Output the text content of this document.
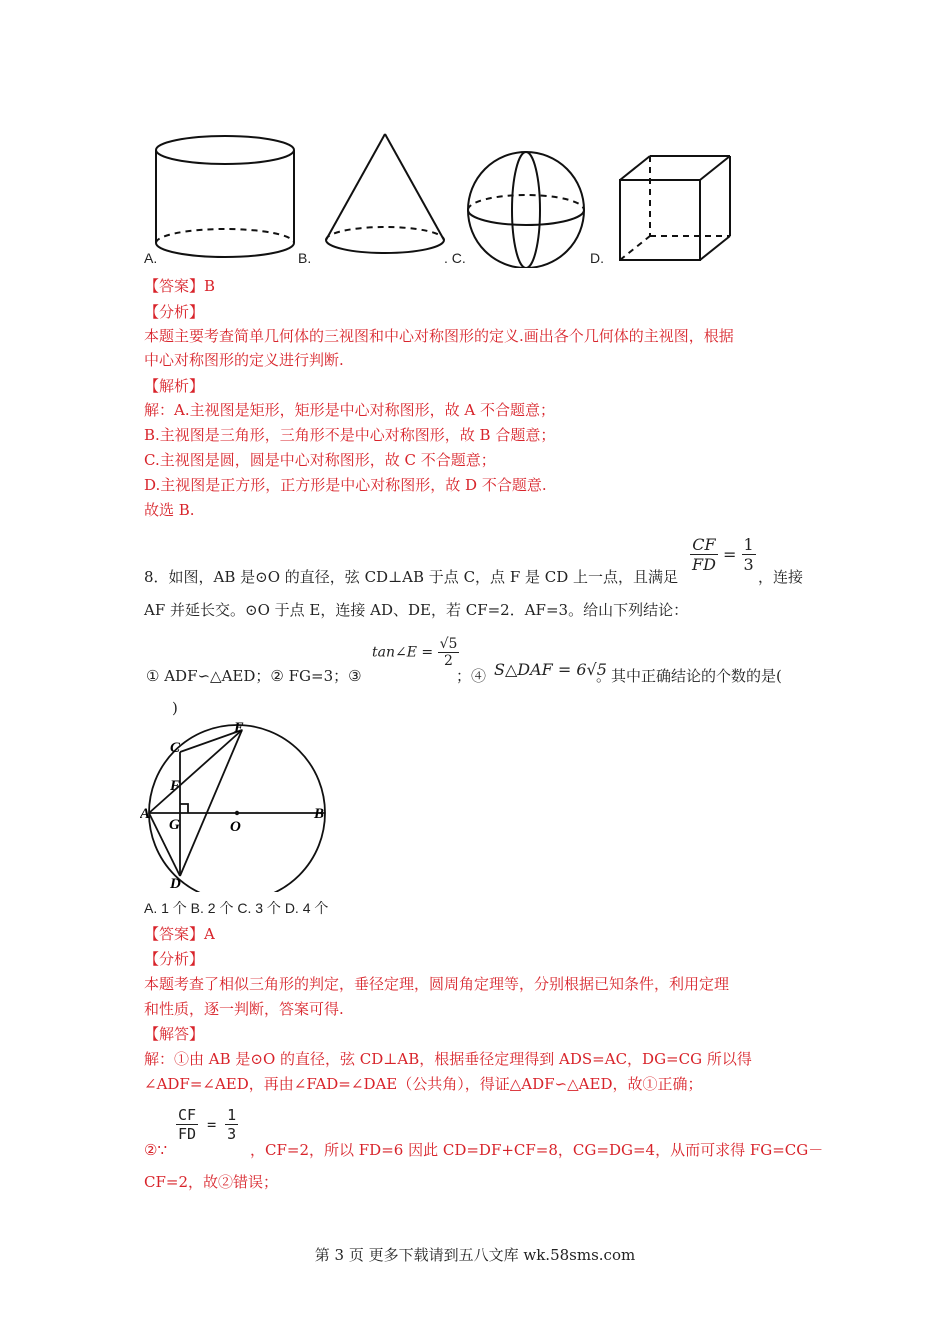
A.	B.	. C.	D.
【答案】B
【分析】
本题主要考查简单几何体的三视图和中心对称图形的定义.画出各个几何体的主视图，根据
中心对称图形的定义进行判断.
【解析】
解：A.主视图是矩形，矩形是中心对称图形，故 A 不合题意；
B.主视图是三角形，三角形不是中心对称图形，故 B 合题意；
C.主视图是圆，圆是中心对称图形，故 C 不合题意；
D.主视图是正方形，正方形是中心对称图形，故 D 不合题意.
故选 B.
8．如图，AB 是⊙O 的直径，弦 CD⊥AB 于点 C，点 F 是 CD 上一点，且满足
$\frac{CF}{FD} = \frac{1}{3}$
，连接
AF 并延长交。⊙O 于点 E，连接 AD、DE，若 CF=2．AF=3。给山下列结论：
① ADF∽△AED；② FG=3；③
tan∠E = $\frac{√5}{2}$
；④ S△DAF = 6√5
。其中正确结论的个数的是(
)
A	B
C
D
E
F
G	O
A. 1 个 B. 2 个 C. 3 个 D. 4 个
【答案】A
【分析】
本题考查了相似三角形的判定，垂径定理，圆周角定理等，分别根据已知条件，利用定理
和性质，逐一判断，答案可得.
【解答】
解：①由 AB 是⊙O 的直径，弦 CD⊥AB，根据垂径定理得到 ADS=AC，DG=CG 所以得
∠ADF=∠AED，再由∠FAD=∠DAE（公共角），得证△ADF∽△AED，故①正确；
$\frac{CF}{FD} = \frac{1}{3}$
②∵	，CF=2，所以 FD=6 因此 CD=DF+CF=8，CG=DG=4，从而可求得 FG=CG－
CF=2，故②错误；
第 3 页 更多下载请到五八文库 wk.58sms.com
